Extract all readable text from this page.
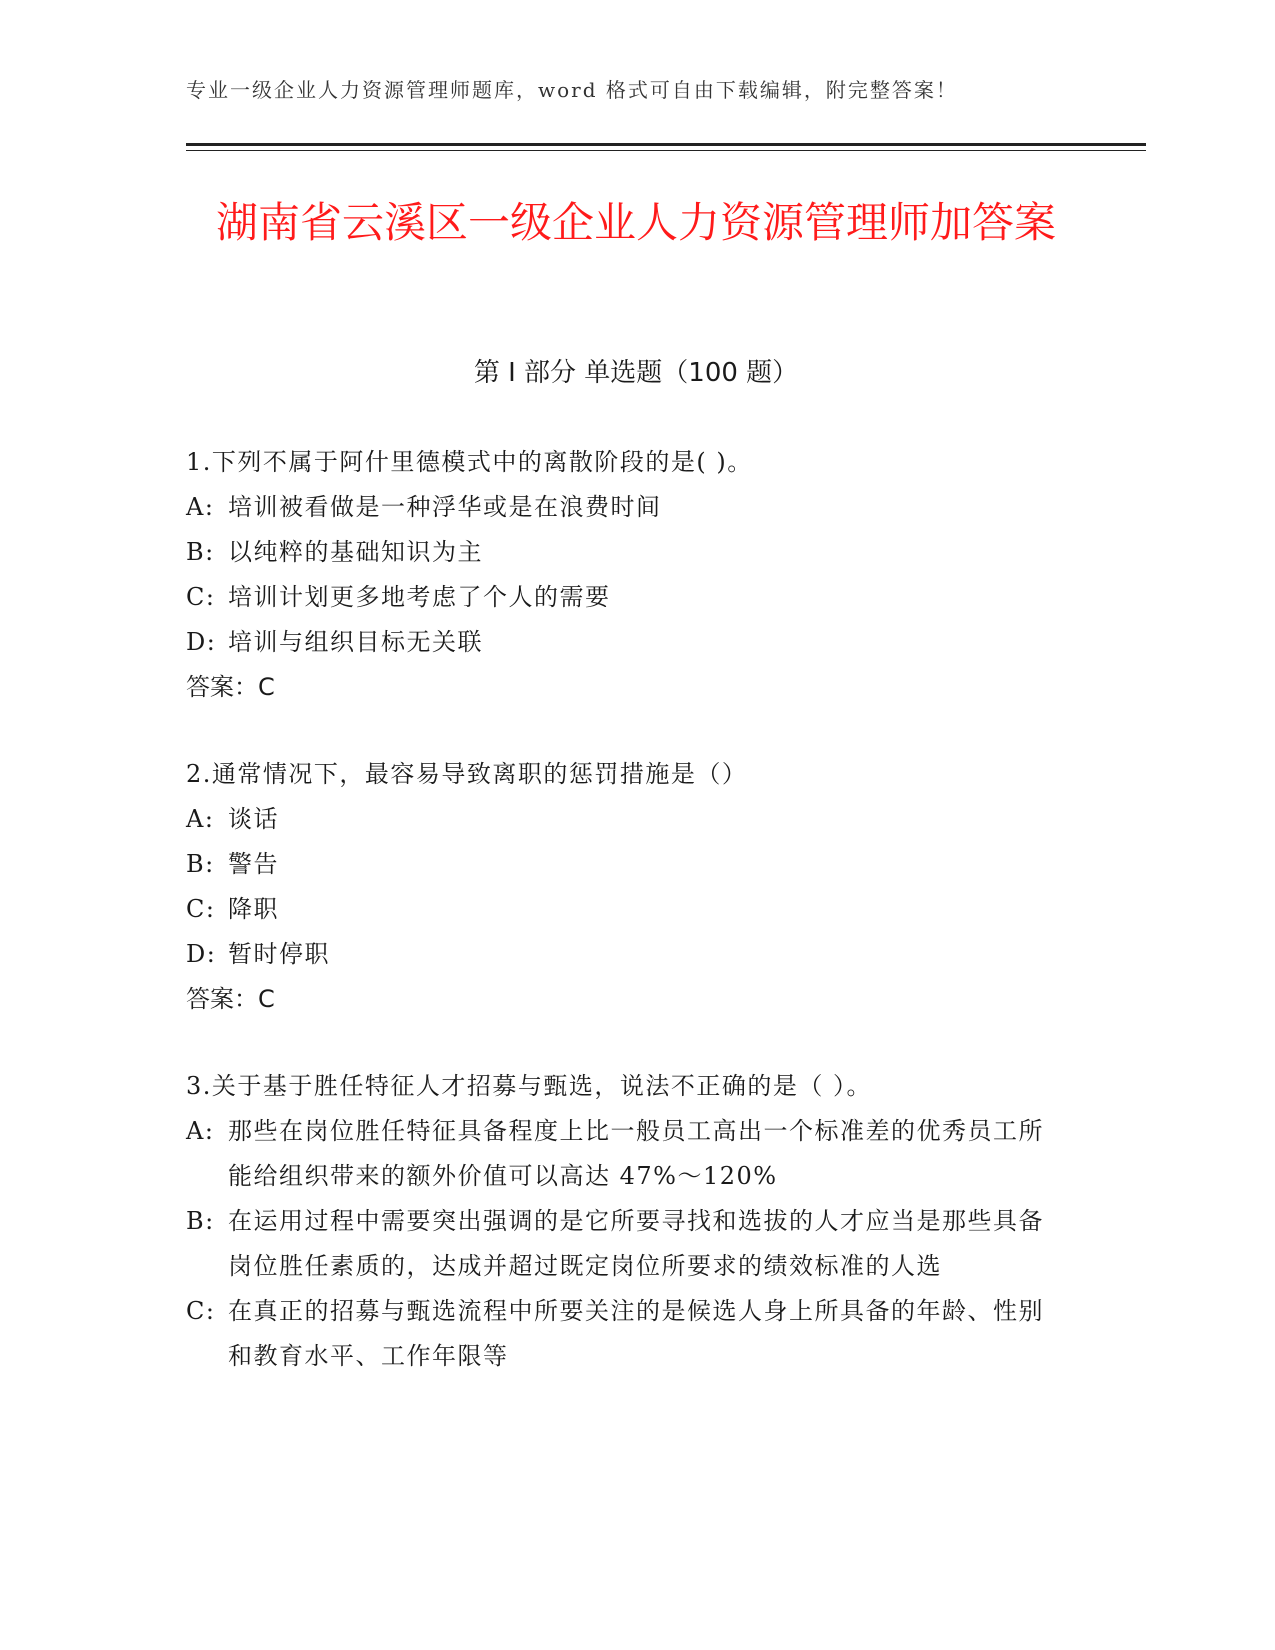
专业一级企业人力资源管理师题库，word 格式可自由下载编辑，附完整答案！
湖南省云溪区一级企业人力资源管理师加答案
第 I 部分 单选题（100 题）
1.下列不属于阿什里德模式中的离散阶段的是( )。
A: 培训被看做是一种浮华或是在浪费时间
B: 以纯粹的基础知识为主
C: 培训计划更多地考虑了个人的需要
D: 培训与组织目标无关联
答案：C
2.通常情况下，最容易导致离职的惩罚措施是（）
A: 谈话
B: 警告
C: 降职
D: 暂时停职
答案：C
3.关于基于胜任特征人才招募与甄选，说法不正确的是（ ）。
A: 那些在岗位胜任特征具备程度上比一般员工高出一个标准差的优秀员工所能给组织带来的额外价值可以高达 47%～120%
B: 在运用过程中需要突出强调的是它所要寻找和选拔的人才应当是那些具备岗位胜任素质的，达成并超过既定岗位所要求的绩效标准的人选
C: 在真正的招募与甄选流程中所要关注的是候选人身上所具备的年龄、性别和教育水平、工作年限等
